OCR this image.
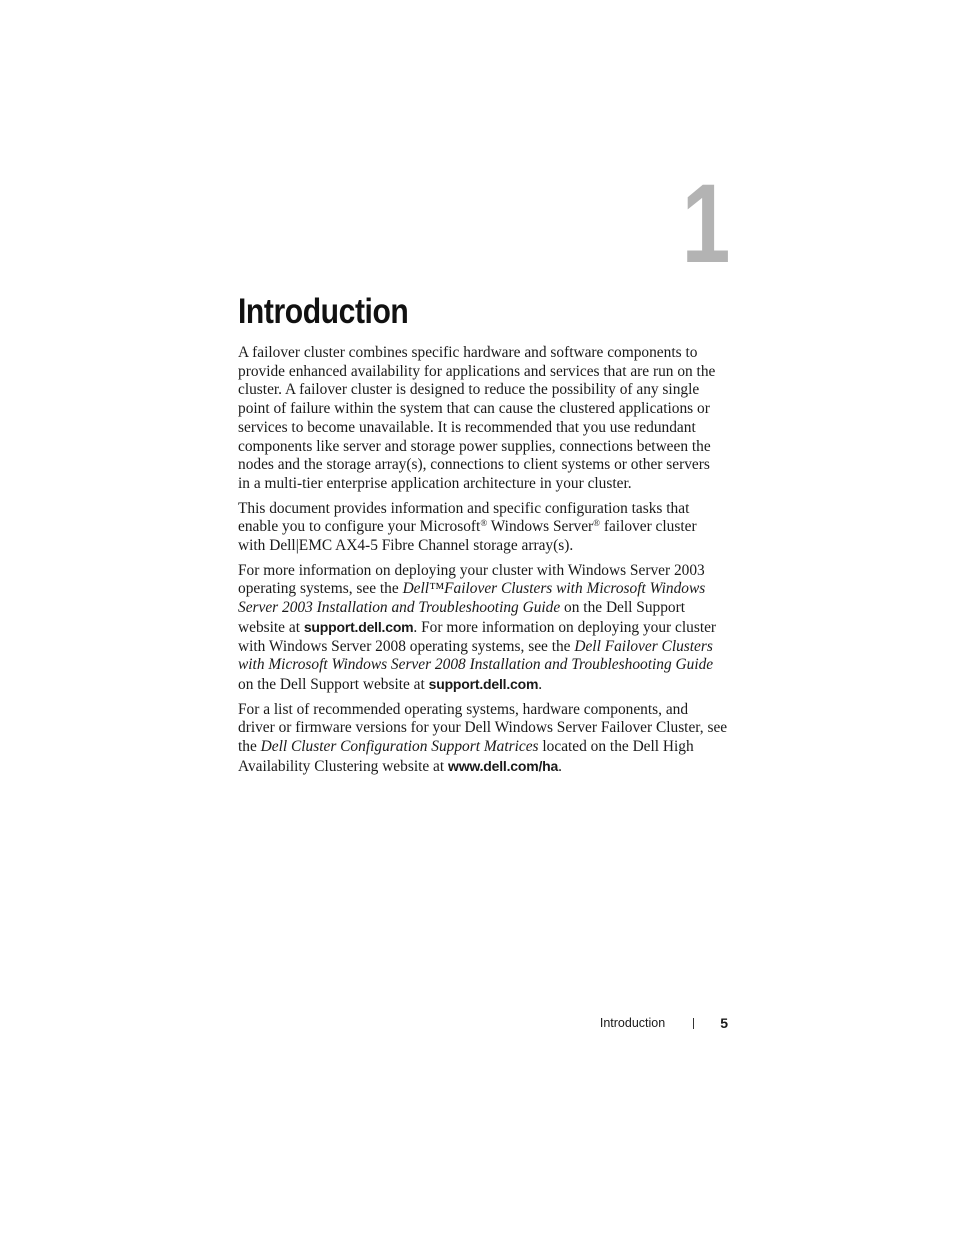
1
Introduction

A failover cluster combines specific hardware and software components to
provide enhanced availability for applications and services that are run on the
cluster. A failover cluster is designed to reduce the possibility of any single
point of failure within the system that can cause the clustered applications or
services to become unavailable. It is recommended that you use redundant
components like server and storage power supplies, connections between the
nodes and the storage array(s), connections to client systems or other servers
in a multi-tier enterprise application architecture in your cluster.

This document provides information and specific configuration tasks that
enable you to configure your Microsoft® Windows Server® failover cluster
with Dell|EMC AX4-5 Fibre Channel storage array(s).

For more information on deploying your cluster with Windows Server 2003
operating systems, see the Dell™Failover Clusters with Microsoft Windows
Server 2003 Installation and Troubleshooting Guide on the Dell Support
website at support.dell.com. For more information on deploying your cluster
with Windows Server 2008 operating systems, see the Dell Failover Clusters
with Microsoft Windows Server 2008 Installation and Troubleshooting Guide
on the Dell Support website at support.dell.com.

For a list of recommended operating systems, hardware components, and
driver or firmware versions for your Dell Windows Server Failover Cluster, see
the Dell Cluster Configuration Support Matrices located on the Dell High
Availability Clustering website at www.dell.com/ha.

Introduction	5
